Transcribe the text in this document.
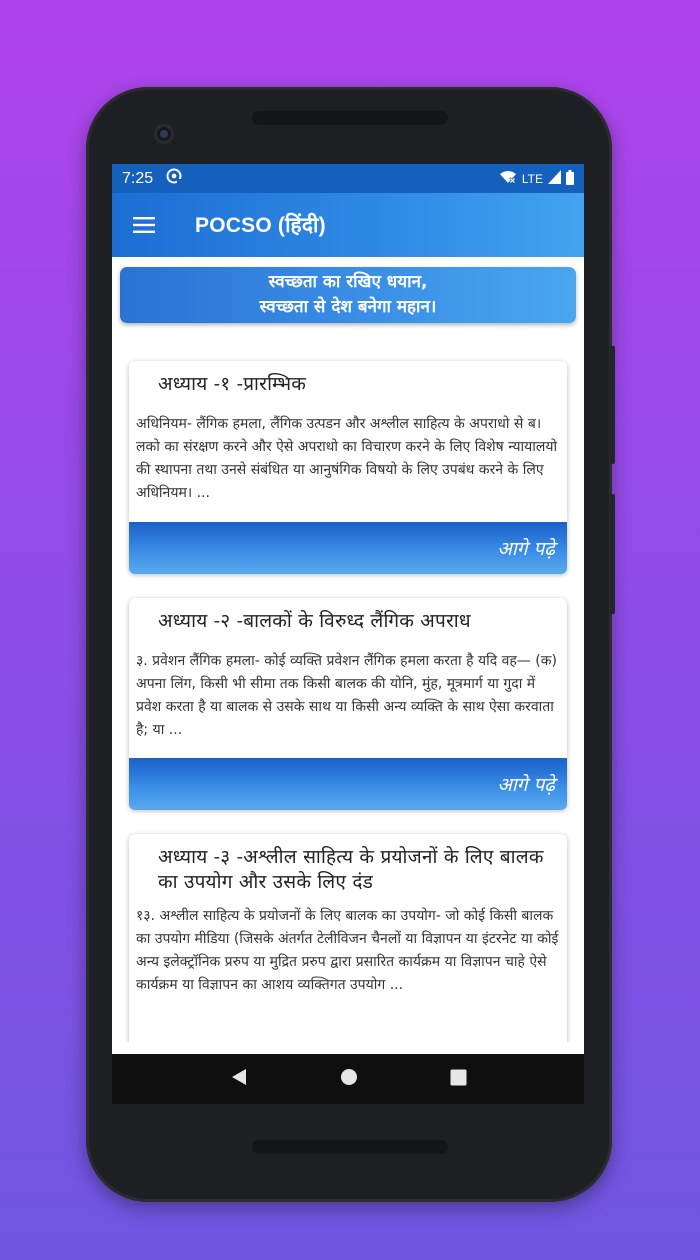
7:25	LTE
POCSO (हिंदी)
स्वच्छता का रखिए धयान,
स्वच्छता से देश बनेगा महान।
अध्याय -१ -प्रारम्भिक
अधिनियम- लैंगिक हमला, लैंगिक उत्पडन और अश्लील साहित्य के अपराधो से ब।लको का संरक्षण करने और ऐसे अपराधो का विचारण करने के लिए विशेष न्यायालयो की स्थापना तथा उनसे संबंधित या आनुषंगिक विषयो के लिए उपबंध करने के लिए अधिनियम। ...
आगे पढ़े
अध्याय -२ -बालकों के विरुध्द लैंगिक अपराध
३. प्रवेशन लैंगिक हमला- कोई व्यक्ति प्रवेशन लैंगिक हमला करता है यदि वह— (क) अपना लिंग, किसी भी सीमा तक किसी बालक की योनि, मुंह, मूत्रमार्ग या गुदा में प्रवेश करता है या बालक से उसके साथ या किसी अन्य व्यक्ति के साथ ऐसा करवाता है; या ...
आगे पढ़े
अध्याय -३ -अश्लील साहित्य के प्रयोजनों के लिए बालक का उपयोग और उसके लिए दंड
१३. अश्लील साहित्य के प्रयोजनों के लिए बालक का उपयोग- जो कोई किसी बालक का उपयोग मीडिया (जिसके अंतर्गत टेलीविजन चैनलों या विज्ञापन या इंटरनेट या कोई अन्य इलेक्ट्रॉनिक प्ररुप या मुद्रित प्ररुप द्वारा प्रसारित कार्यक्रम या विज्ञापन चाहे ऐसे कार्यक्रम या विज्ञापन का आशय व्यक्तिगत उपयोग ...
